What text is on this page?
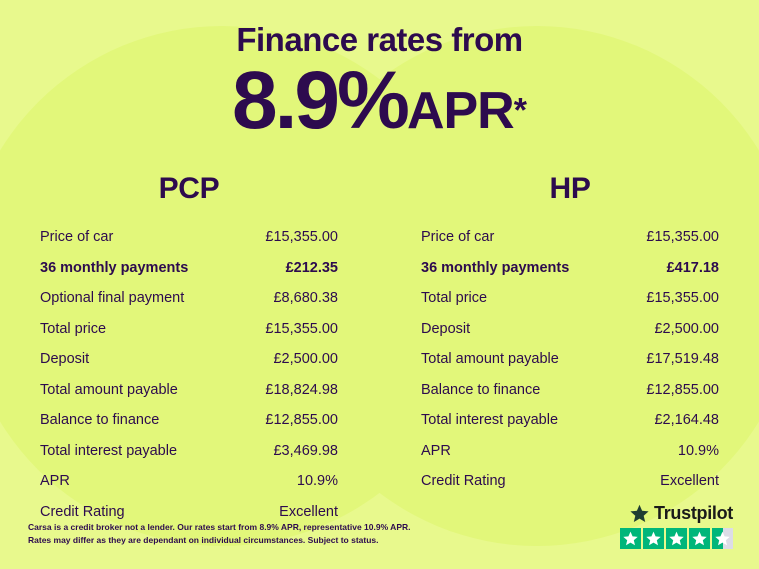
Finance rates from
8.9%APR*
PCP
Price of car	£15,355.00
36 monthly payments	£212.35
Optional final payment	£8,680.38
Total price	£15,355.00
Deposit	£2,500.00
Total amount payable	£18,824.98
Balance to finance	£12,855.00
Total interest payable	£3,469.98
APR	10.9%
Credit Rating	Excellent
HP
Price of car	£15,355.00
36 monthly payments	£417.18
Total price	£15,355.00
Deposit	£2,500.00
Total amount payable	£17,519.48
Balance to finance	£12,855.00
Total interest payable	£2,164.48
APR	10.9%
Credit Rating	Excellent
Carsa is a credit broker not a lender. Our rates start from 8.9% APR, representative 10.9% APR.
Rates may differ as they are dependant on individual circumstances. Subject to status.
Trustpilot
